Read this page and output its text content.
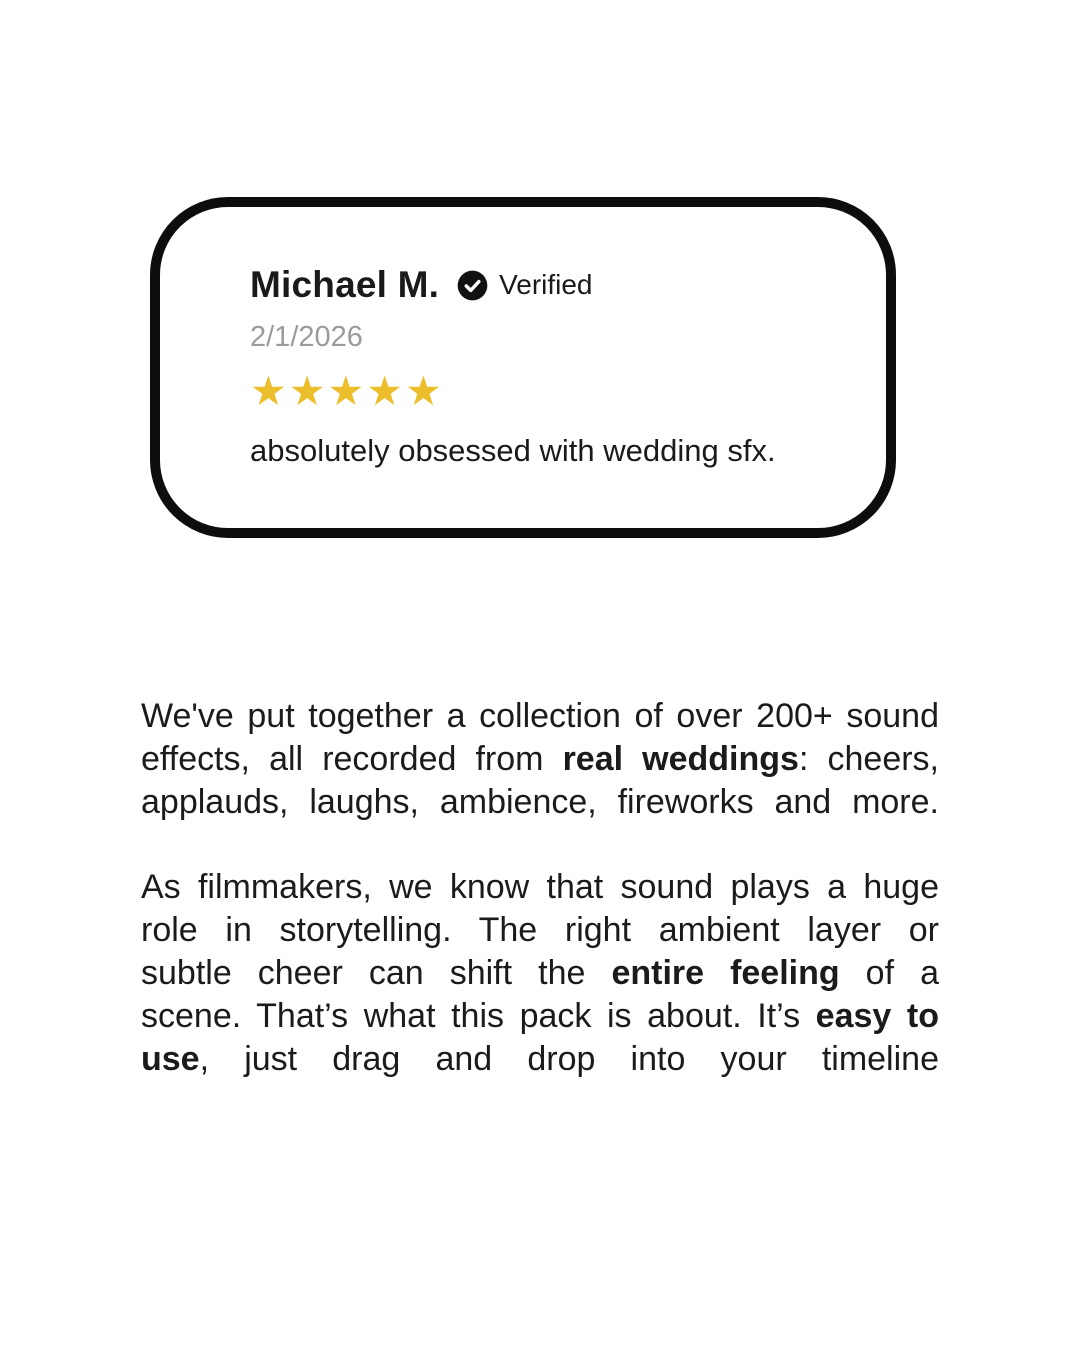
Michael M. Verified
2/1/2026
★★★★★
absolutely obsessed with wedding sfx.
We've put together a collection of over 200+ sound
effects, all recorded from real weddings: cheers,
applauds, laughs, ambience, fireworks and more.
As filmmakers, we know that sound plays a huge
role in storytelling. The right ambient layer or
subtle cheer can shift the entire feeling of a
scene. That’s what this pack is about. It’s easy to
use, just drag and drop into your timeline
